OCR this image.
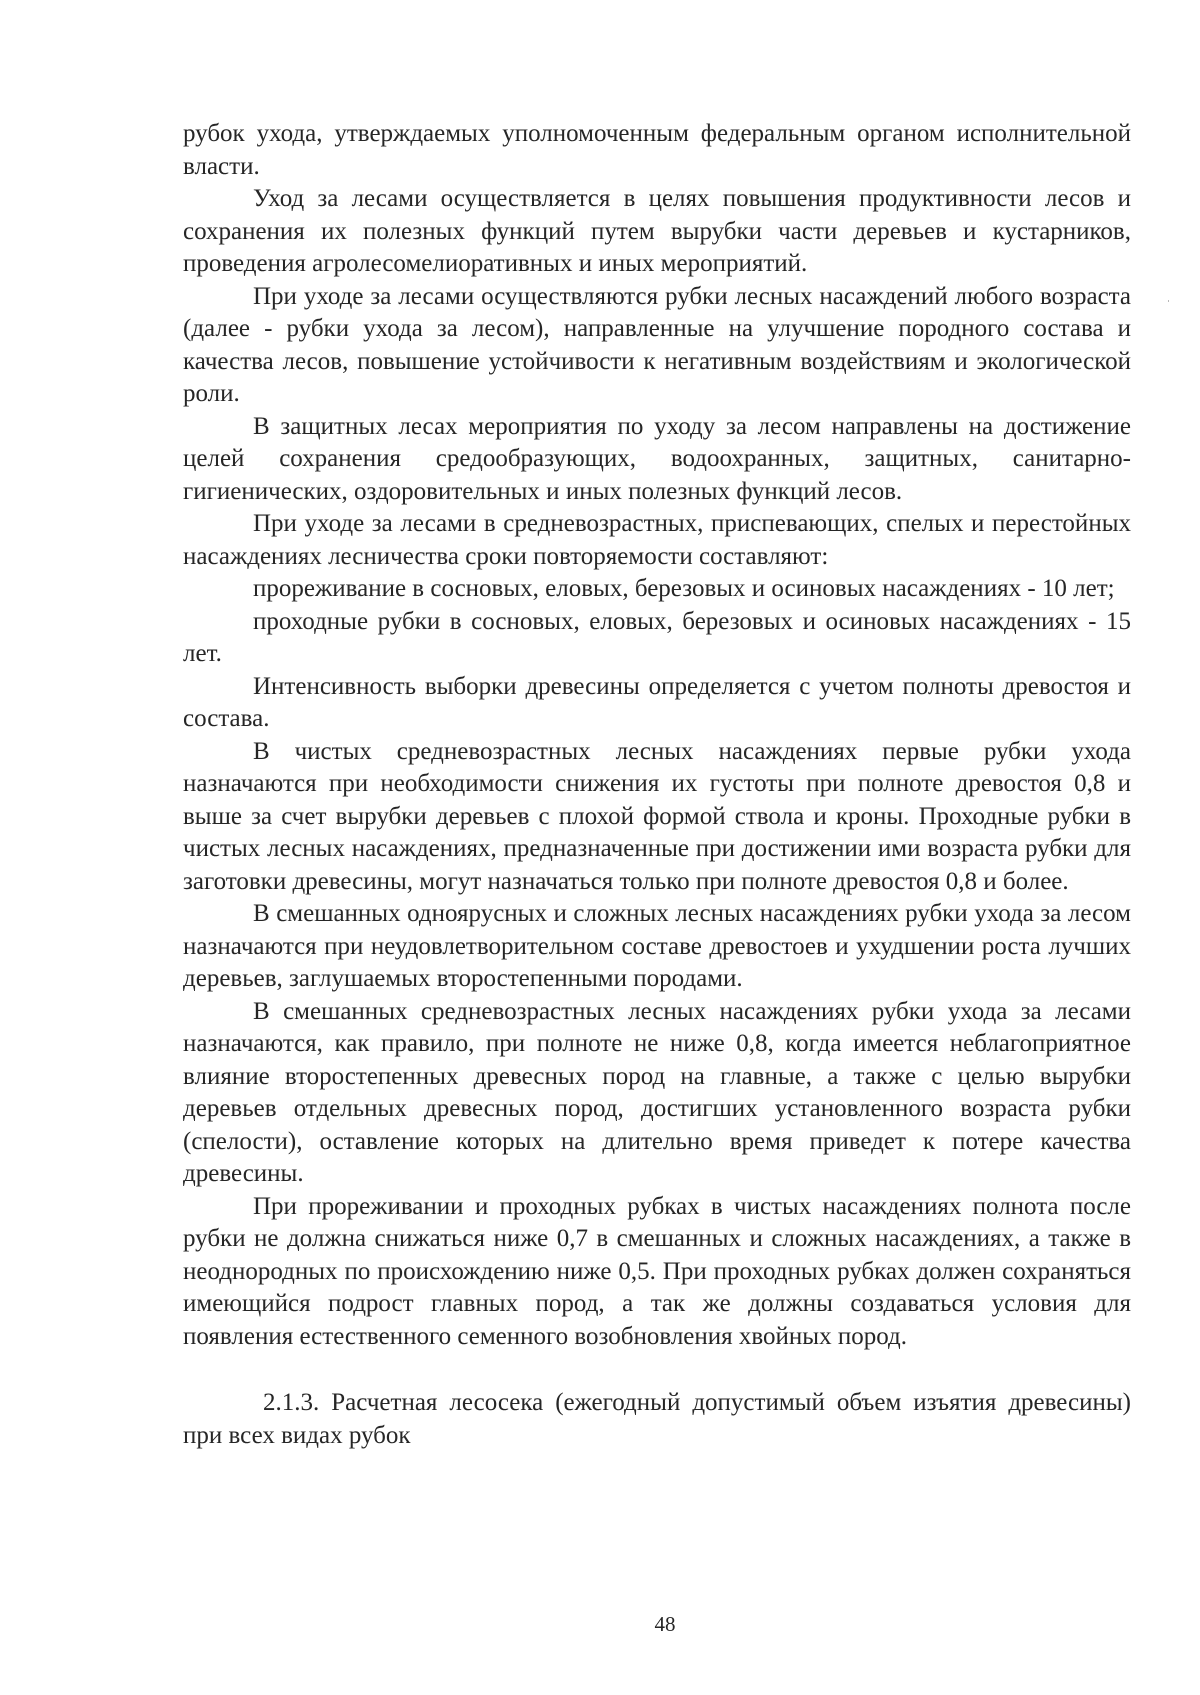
рубок ухода, утверждаемых уполномоченным федеральным органом исполнительной власти.

Уход за лесами осуществляется в целях повышения продуктивности лесов и сохранения их полезных функций путем вырубки части деревьев и кустарников, проведения агролесомелиоративных и иных мероприятий.

При уходе за лесами осуществляются рубки лесных насаждений любого возраста (далее - рубки ухода за лесом), направленные на улучшение породного состава и качества лесов, повышение устойчивости к негативным воздействиям и экологической роли.

В защитных лесах мероприятия по уходу за лесом направлены на достижение целей сохранения средообразующих, водоохранных, защитных, санитарно-гигиенических, оздоровительных и иных полезных функций лесов.

При уходе за лесами в средневозрастных, приспевающих, спелых и перестойных насаждениях лесничества сроки повторяемости составляют:

прореживание в сосновых, еловых, березовых и осиновых насаждениях - 10 лет;

проходные рубки в сосновых, еловых, березовых и осиновых насаждениях - 15 лет.

Интенсивность выборки древесины определяется с учетом полноты древостоя и состава.

В чистых средневозрастных лесных насаждениях первые рубки ухода назначаются при необходимости снижения их густоты при полноте древостоя 0,8 и выше за счет вырубки деревьев с плохой формой ствола и кроны. Проходные рубки в чистых лесных насаждениях, предназначенные при достижении ими возраста рубки для заготовки древесины, могут назначаться только при полноте древостоя 0,8 и более.

В смешанных одноярусных и сложных лесных насаждениях рубки ухода за лесом назначаются при неудовлетворительном составе древостоев и ухудшении роста лучших деревьев, заглушаемых второстепенными породами.

В смешанных средневозрастных лесных насаждениях рубки ухода за лесами назначаются, как правило, при полноте не ниже 0,8, когда имеется неблагоприятное влияние второстепенных древесных пород на главные, а также с целью вырубки деревьев отдельных древесных пород, достигших установленного возраста рубки (спелости), оставление которых на длительно время приведет к потере качества древесины.

При прореживании и проходных рубках в чистых насаждениях полнота после рубки не должна снижаться ниже 0,7 в смешанных и сложных насаждениях, а также в неоднородных по происхождению ниже 0,5. При проходных рубках должен сохраняться имеющийся подрост главных пород, а так же должны создаваться условия для появления естественного семенного возобновления хвойных пород.

2.1.3. Расчетная лесосека (ежегодный допустимый объем изъятия древесины) при всех видах рубок

48
